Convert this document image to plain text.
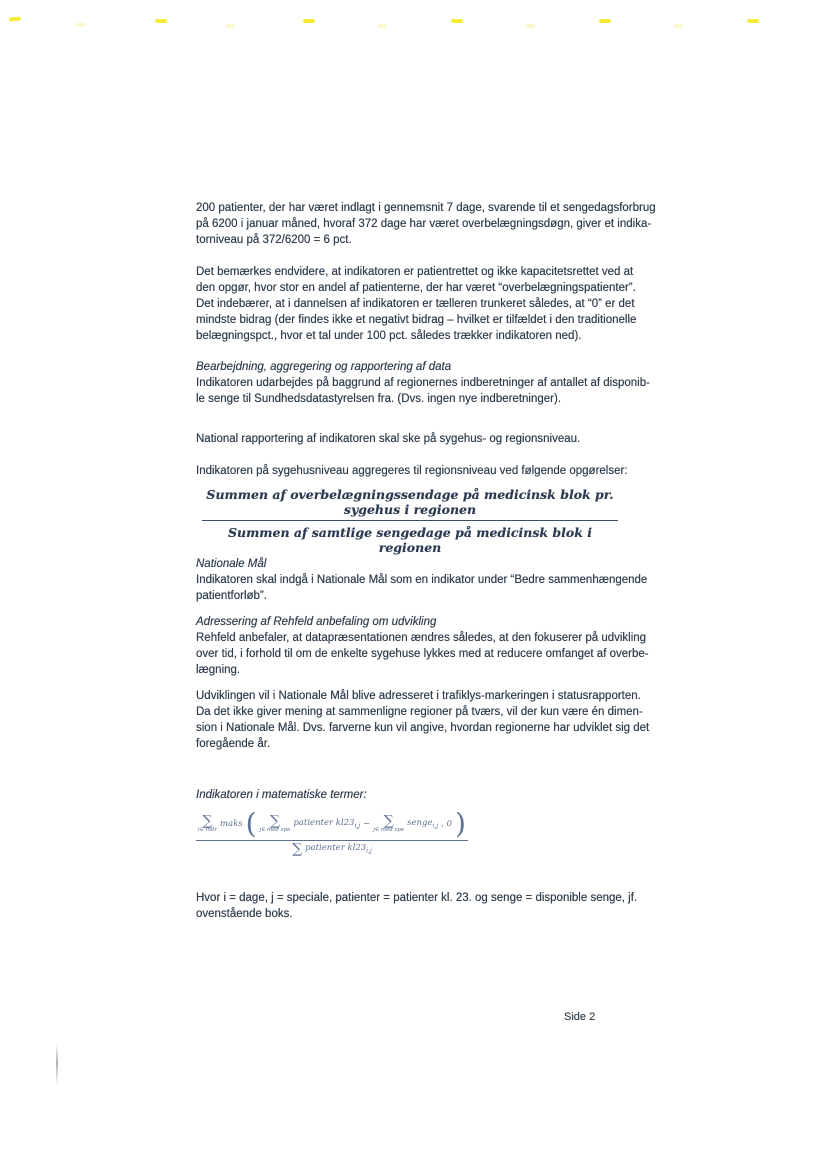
200 patienter, der har været indlagt i gennemsnit 7 dage, svarende til et sengedagsforbrug
på 6200 i januar måned, hvoraf 372 dage har været overbelægningsdøgn, giver et indika-
torniveau på 372/6200 = 6 pct.
Det bemærkes endvidere, at indikatoren er patientrettet og ikke kapacitetsrettet ved at
den opgør, hvor stor en andel af patienterne, der har været “overbelægningspatienter”.
Det indebærer, at i dannelsen af indikatoren er tælleren trunkeret således, at “0” er det
mindste bidrag (der findes ikke et negativt bidrag – hvilket er tilfældet i den traditionelle
belægningspct., hvor et tal under 100 pct. således trækker indikatoren ned).
Bearbejdning, aggregering og rapportering af data
Indikatoren udarbejdes på baggrund af regionernes indberetninger af antallet af disponib-
le senge til Sundhedsdatastyrelsen fra. (Dvs. ingen nye indberetninger).
National rapportering af indikatoren skal ske på sygehus- og regionsniveau.
Indikatoren på sygehusniveau aggregeres til regionsniveau ved følgende opgørelser:
Summen af overbelægningssendage på medicinsk blok pr. sygehus i regionen
Summen af samtlige sengedage på medicinsk blok i regionen
Nationale Mål
Indikatoren skal indgå i Nationale Mål som en indikator under “Bedre sammenhængende
patientforløb”.
Adressering af Rehfeld anbefaling om udvikling
Rehfeld anbefaler, at datapræsentationen ændres således, at den fokuserer på udvikling
over tid, i forhold til om de enkelte sygehuse lykkes med at reducere omfanget af overbe-
lægning.
Udviklingen vil i Nationale Mål blive adresseret i trafiklys-markeringen i statusrapporten.
Da det ikke giver mening at sammenligne regioner på tværs, vil der kun være én dimen-
sion i Nationale Mål. Dvs. farverne kun vil angive, hvordan regionerne har udviklet sig det
foregående år.
Indikatoren i matematiske termer:
∑
i∈ mdr
maks ( ∑
j∈ med spe
patienter $kl23_{i,j}$ − ∑
j∈ med spe
senge$_{i,j}$ , 0 )
∑ patienter $kl23_{i,j}$
Hvor i = dage, j = speciale, patienter = patienter kl. 23. og senge = disponible senge, jf.
ovenstående boks.
Side 2
